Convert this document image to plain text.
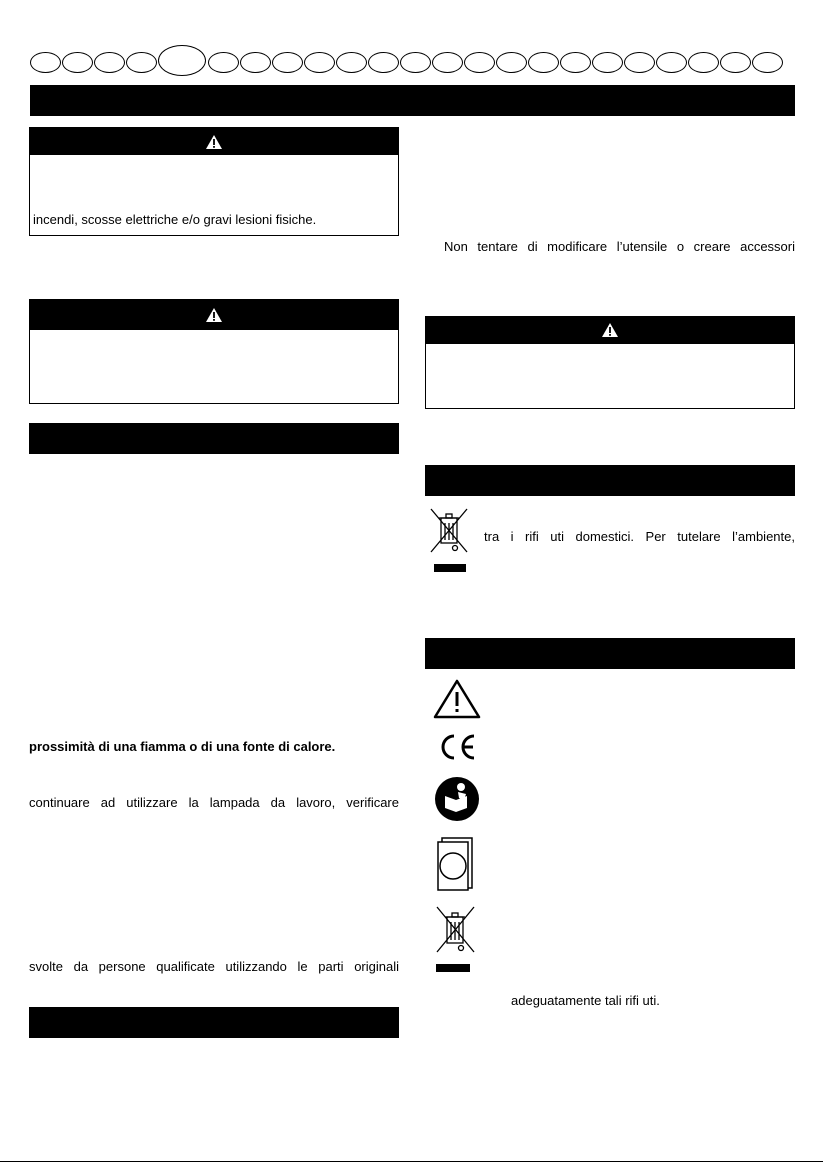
incendi, scosse elettriche e/o gravi lesioni fisiche.
prossimità di una fiamma o di una fonte di calore.
continuare ad utilizzare la lampada da lavoro, verificare
svolte da persone qualificate utilizzando le parti originali
Non tentare di modificare l’utensile o creare accessori
tra i rifi uti domestici. Per tutelare l’ambiente,
adeguatamente tali rifi uti.
